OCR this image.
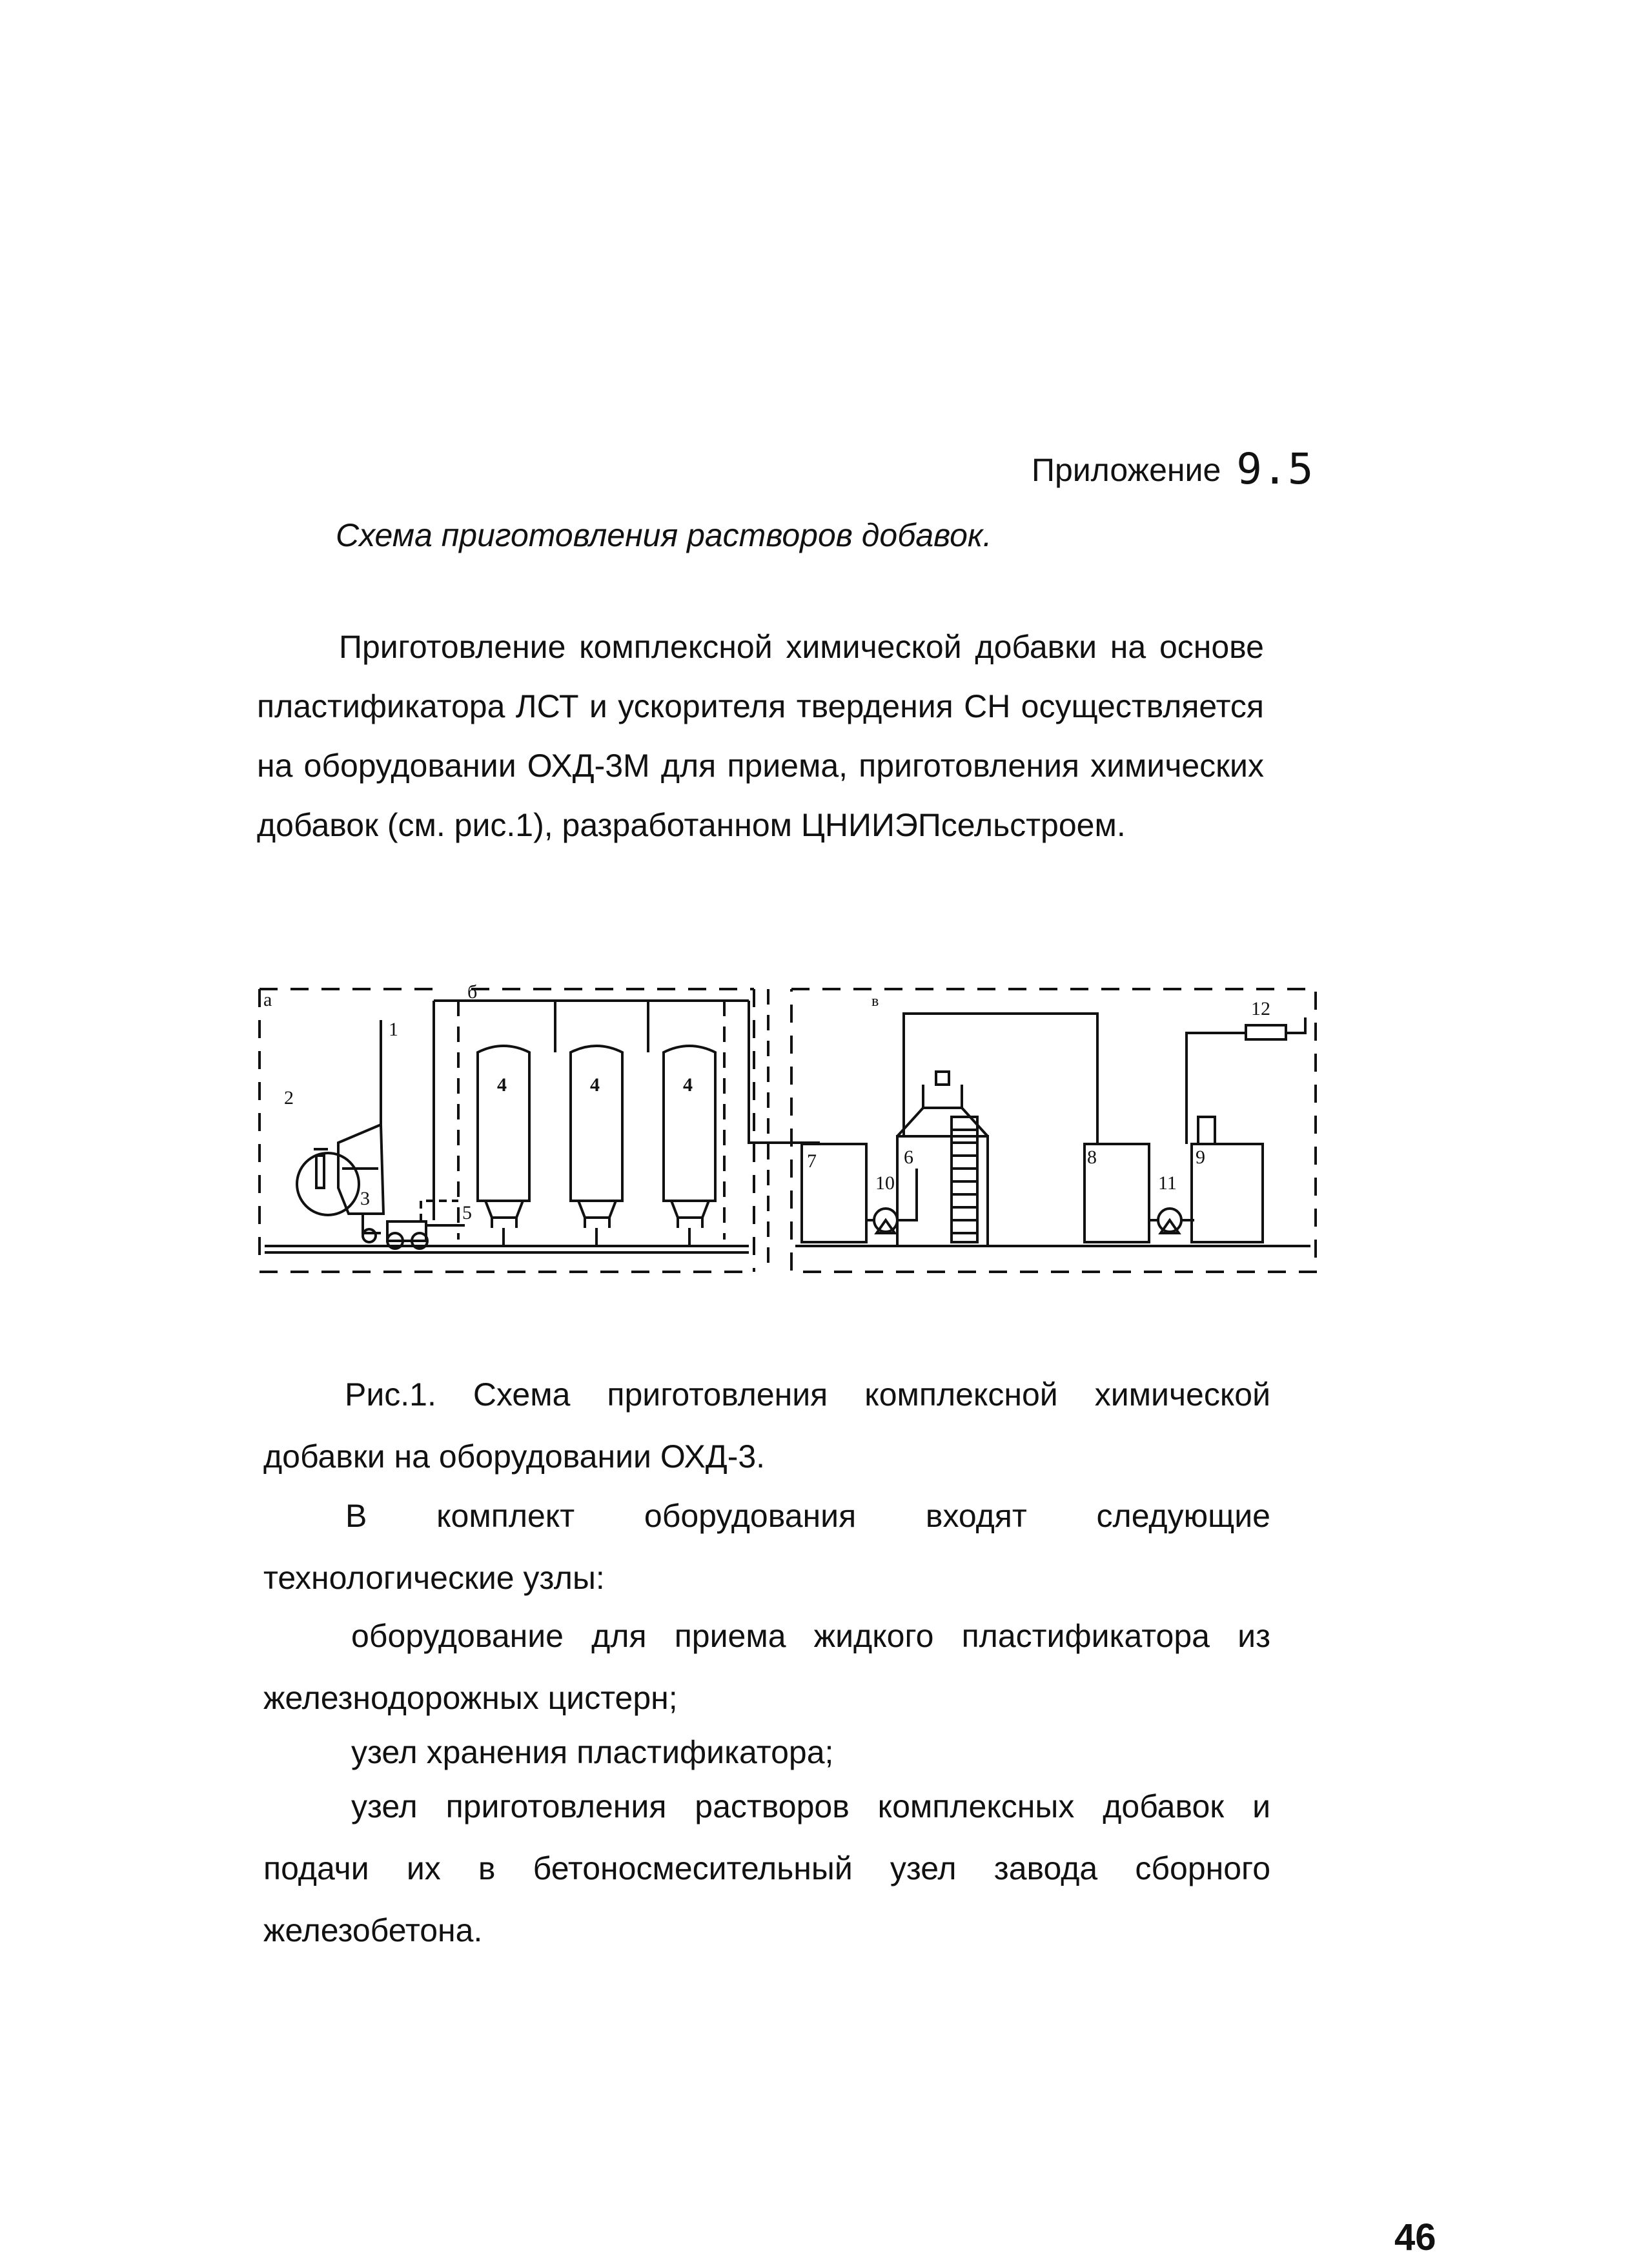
Приложение 9.5
Схема приготовления растворов добавок.
Приготовление комплексной химической добавки на основе пластификатора ЛСТ и ускорителя твердения СН осуществляется на оборудовании ОХД-3М для приема, приготовления химических добавок (см. рис.1), разработанном ЦНИИЭПсельстроем.
а
1
2
3
4	4	4
5
б	в
7
10
6	8
11
9
12
Рис.1. Схема приготовления комплексной химической добавки на оборудовании ОХД-3.
В комплект оборудования входят следующие технологические узлы:
оборудование для приема жидкого пластификатора из железнодорожных цистерн;
узел хранения пластификатора;
узел приготовления растворов комплексных добавок и подачи их в бетоносмесительный узел завода сборного железобетона.
46
